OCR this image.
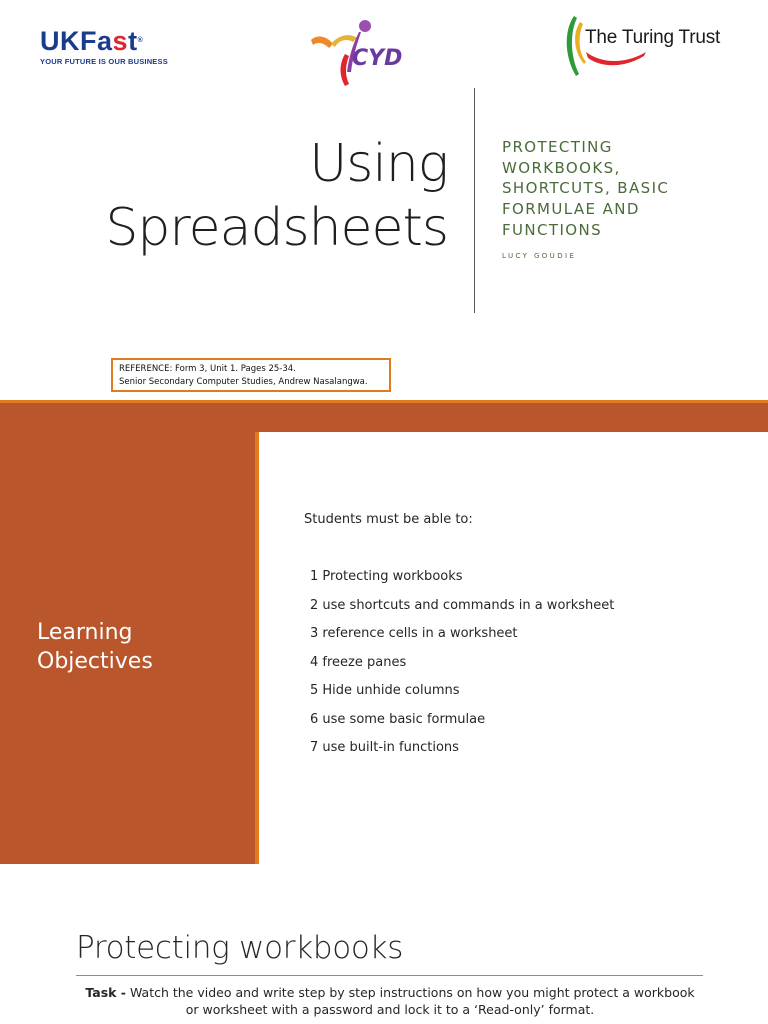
UKFast®
YOUR FUTURE IS OUR BUSINESS	CYD
The Turing Trust
Using
Spreadsheets
PROTECTING WORKBOOKS, SHORTCUTS, BASIC FORMULAE AND FUNCTIONS
LUCY GOUDIE
REFERENCE: Form 3, Unit 1. Pages 25-34.
Senior Secondary Computer Studies, Andrew Nasalangwa.
Learning
Objectives
Students must be able to:
1 Protecting workbooks
2 use shortcuts and commands in a worksheet
3 reference cells in a worksheet
4 freeze panes
5 Hide unhide columns
6 use some basic formulae
7 use built-in functions
Protecting workbooks
Task - Watch the video and write step by step instructions on how you might protect a workbook
or worksheet with a password and lock it to a ‘Read-only’ format.
